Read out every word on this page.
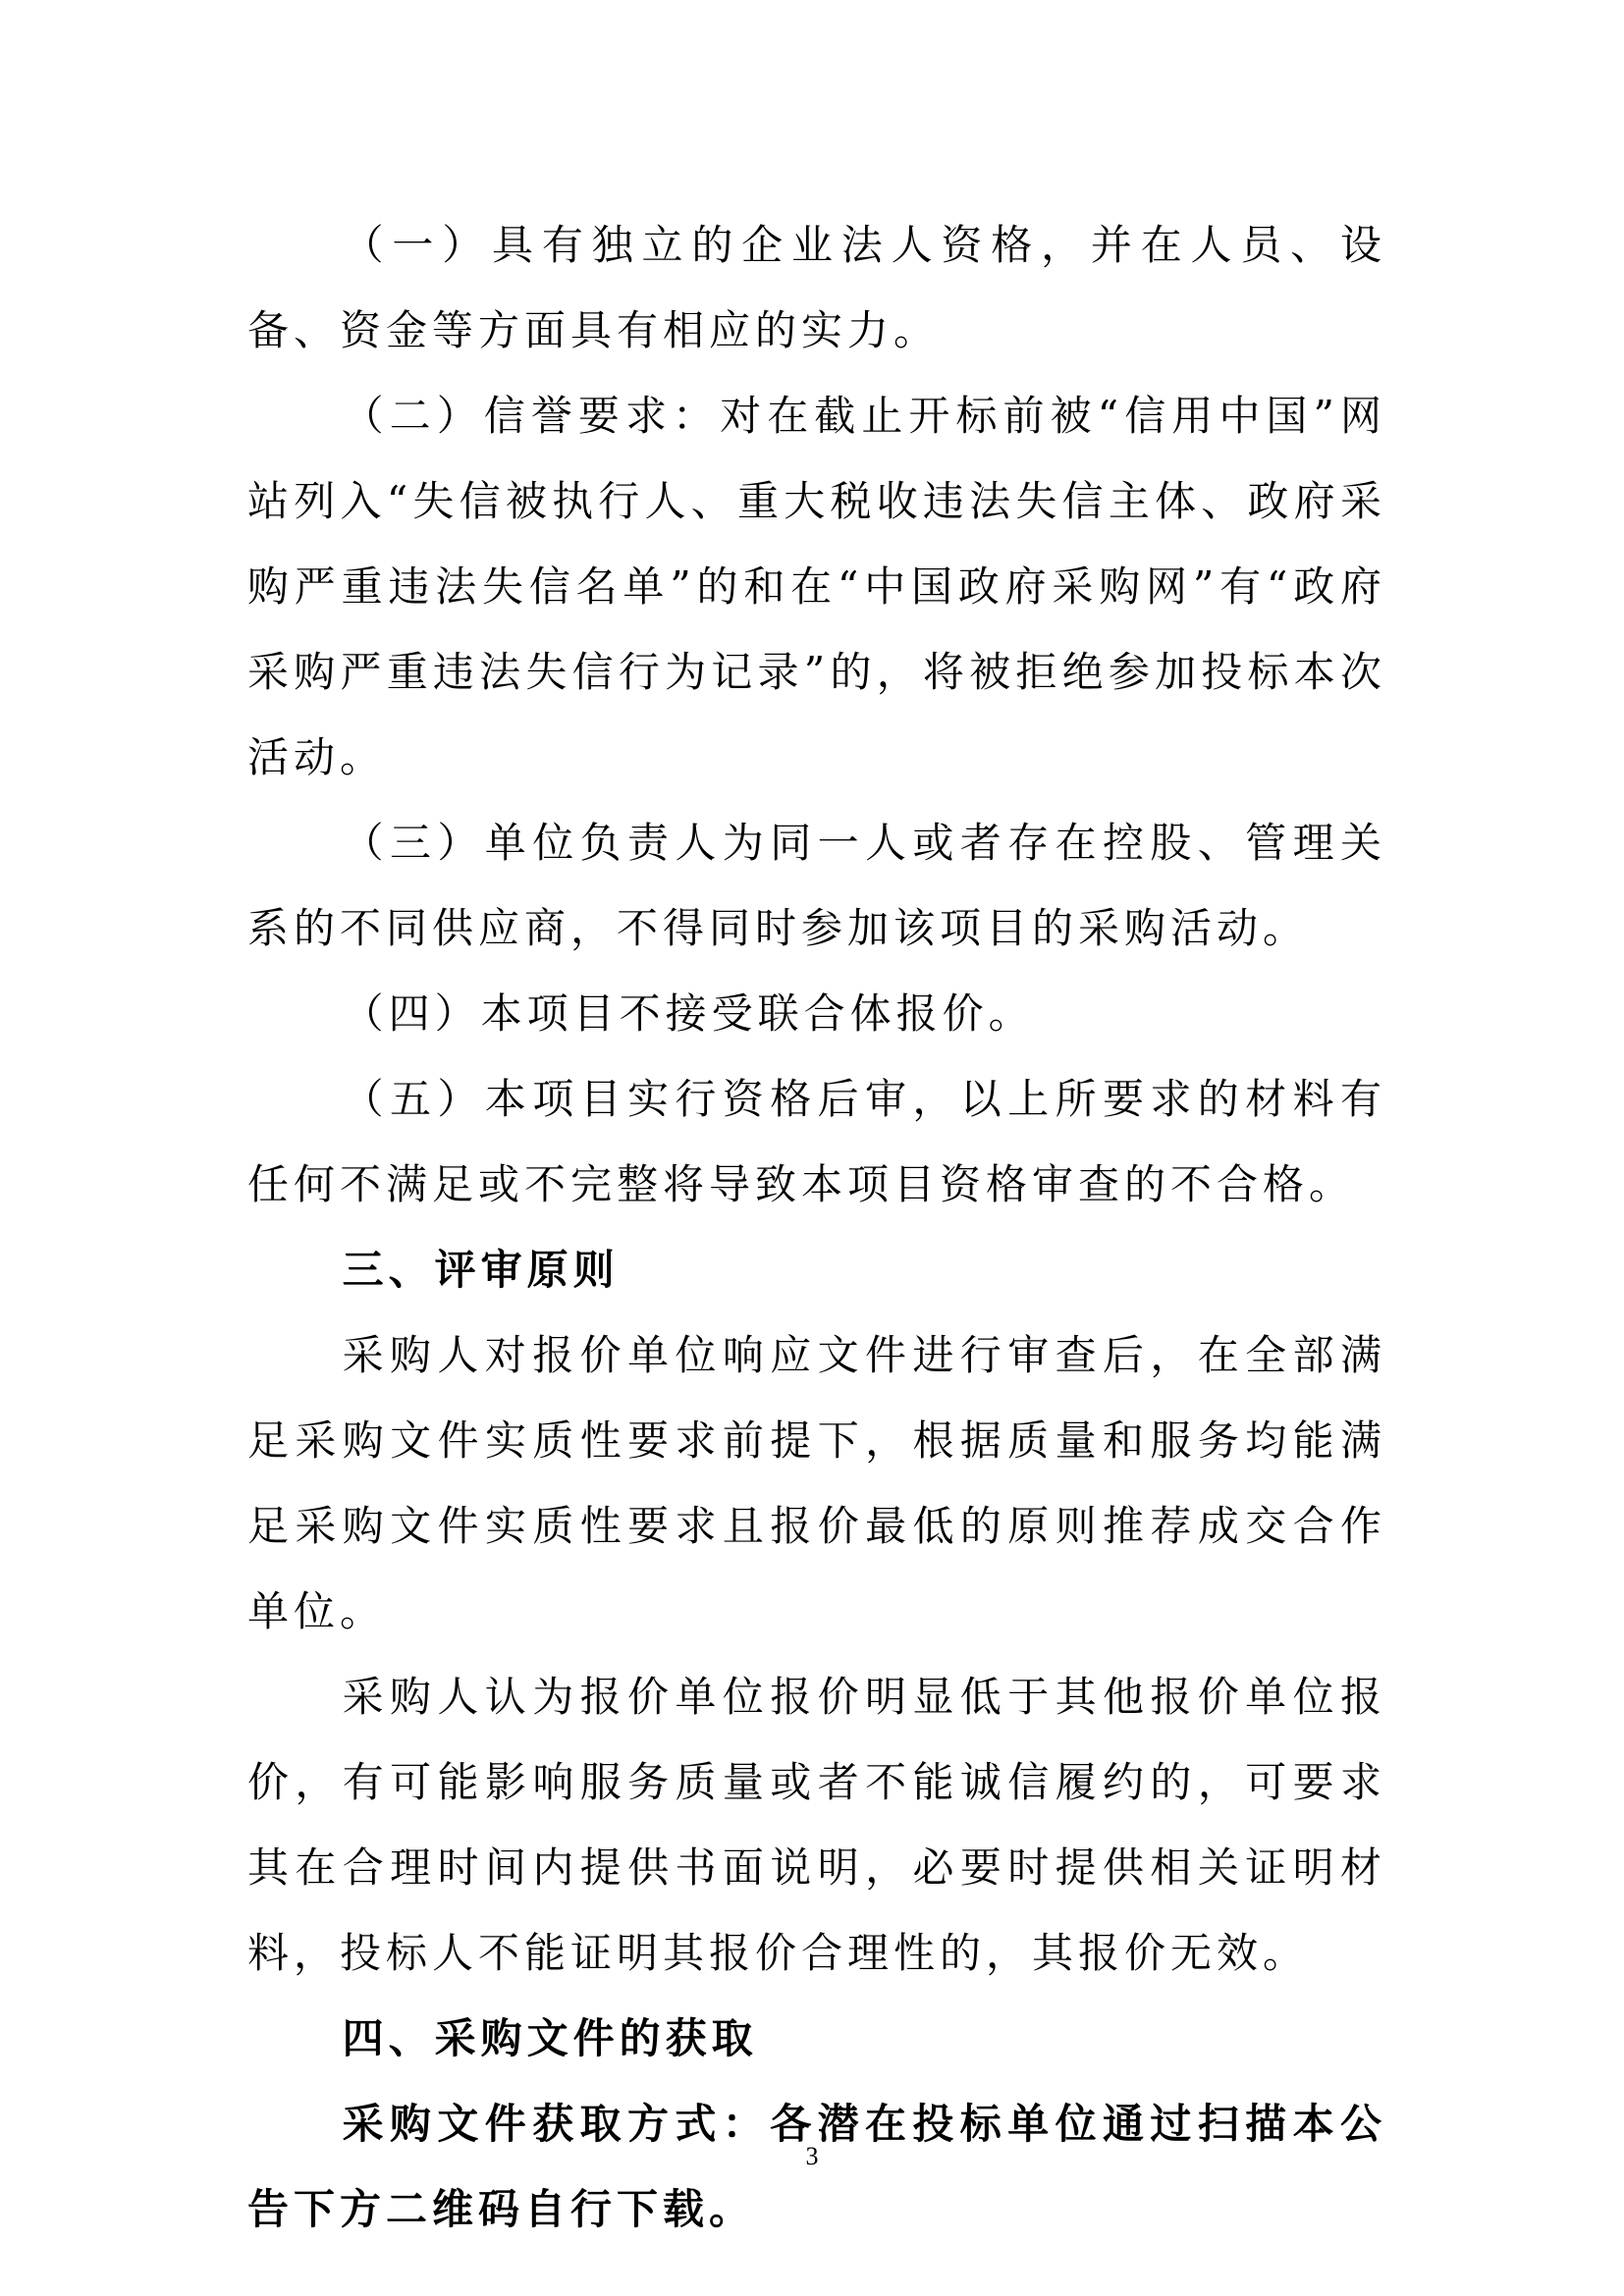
（一）具有独立的企业法人资格，并在人员、设备、资金等方面具有相应的实力。

（二）信誉要求：对在截止开标前被“信用中国”网站列入“失信被执行人、重大税收违法失信主体、政府采购严重违法失信名单”的和在“中国政府采购网”有“政府采购严重违法失信行为记录”的，将被拒绝参加投标本次活动。

（三）单位负责人为同一人或者存在控股、管理关系的不同供应商，不得同时参加该项目的采购活动。

（四）本项目不接受联合体报价。

（五）本项目实行资格后审，以上所要求的材料有任何不满足或不完整将导致本项目资格审查的不合格。

三、评审原则

采购人对报价单位响应文件进行审查后，在全部满足采购文件实质性要求前提下，根据质量和服务均能满足采购文件实质性要求且报价最低的原则推荐成交合作单位。

采购人认为报价单位报价明显低于其他报价单位报价，有可能影响服务质量或者不能诚信履约的，可要求其在合理时间内提供书面说明，必要时提供相关证明材料，投标人不能证明其报价合理性的，其报价无效。

四、采购文件的获取

采购文件获取方式：各潜在投标单位通过扫描本公告下方二维码自行下载。

3
